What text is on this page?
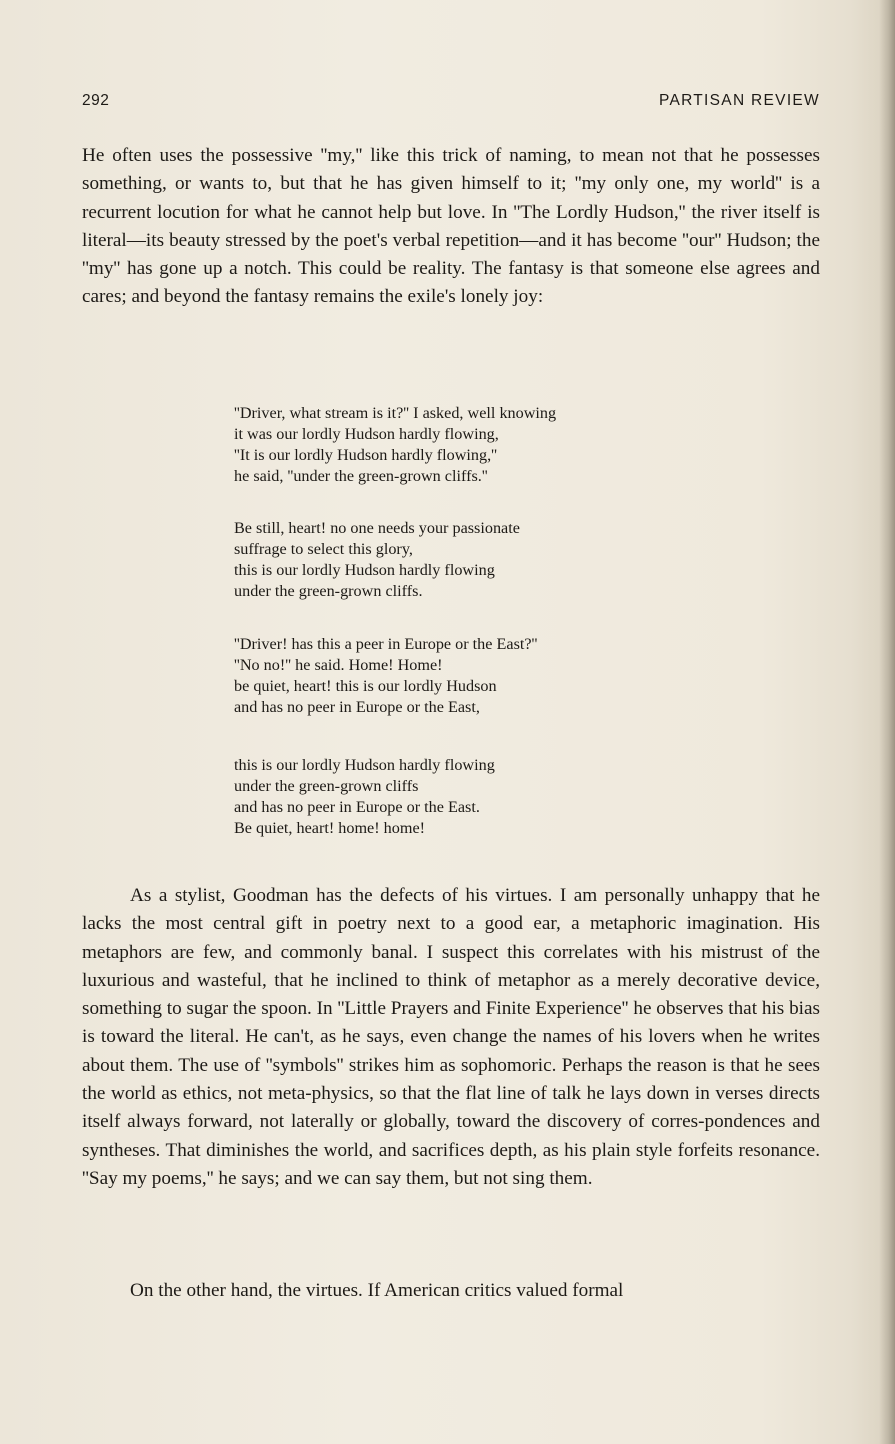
292	PARTISAN REVIEW

He often uses the possessive ''my,'' like this trick of naming, to mean not that he possesses something, or wants to, but that he has given himself to it; ''my only one, my world'' is a recurrent locution for what he cannot help but love. In ''The Lordly Hudson,'' the river itself is literal—its beauty stressed by the poet's verbal repetition—and it has become ''our'' Hudson; the ''my'' has gone up a notch. This could be reality. The fantasy is that someone else agrees and cares; and beyond the fantasy remains the exile's lonely joy:

''Driver, what stream is it?'' I asked, well knowing
it was our lordly Hudson hardly flowing,
''It is our lordly Hudson hardly flowing,''
he said, ''under the green-grown cliffs.''
Be still, heart! no one needs your passionate
suffrage to select this glory,
this is our lordly Hudson hardly flowing
under the green-grown cliffs.
''Driver! has this a peer in Europe or the East?''
''No no!'' he said. Home! Home!
be quiet, heart! this is our lordly Hudson
and has no peer in Europe or the East,
this is our lordly Hudson hardly flowing
under the green-grown cliffs
and has no peer in Europe or the East.
Be quiet, heart! home! home!

As a stylist, Goodman has the defects of his virtues. I am personally unhappy that he lacks the most central gift in poetry next to a good ear, a metaphoric imagination. His metaphors are few, and commonly banal. I suspect this correlates with his mistrust of the luxurious and wasteful, that he inclined to think of metaphor as a merely decorative device, something to sugar the spoon. In ''Little Prayers and Finite Experience'' he observes that his bias is toward the literal. He can't, as he says, even change the names of his lovers when he writes about them. The use of ''symbols'' strikes him as sophomoric. Perhaps the reason is that he sees the world as ethics, not meta-physics, so that the flat line of talk he lays down in verses directs itself always forward, not laterally or globally, toward the discovery of corres-pondences and syntheses. That diminishes the world, and sacrifices depth, as his plain style forfeits resonance. ''Say my poems,'' he says; and we can say them, but not sing them.

On the other hand, the virtues. If American critics valued formal
